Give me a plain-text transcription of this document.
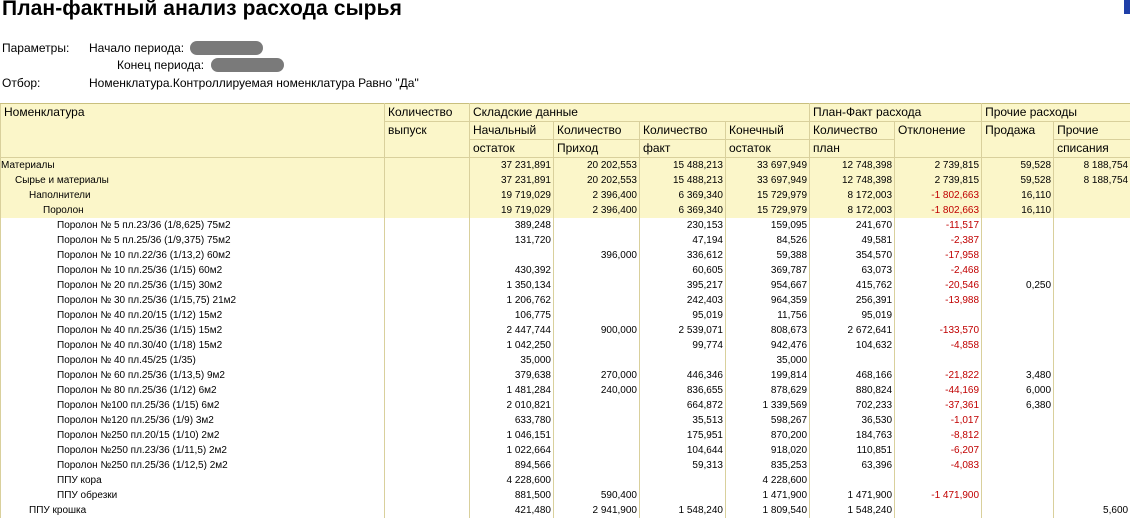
План-фактный анализ расхода сырья
Параметры: Начало периода:
Конец периода:
Отбор:	Номенклатура.Контроллируемая номенклатура Равно "Да"
Номенклатура	Количество	Складские данные				План-Факт расхода		Прочие расходы	
	выпуск	Начальный	Количество	Количество	Конечный	Количество	Отклонение	Продажа	Прочие
		остаток	Приход	факт	остаток	план			списания
Материалы		37 231,891	20 202,553	15 488,213	33 697,949	12 748,398	2 739,815	59,528	8 188,754
Сырье и материалы		37 231,891	20 202,553	15 488,213	33 697,949	12 748,398	2 739,815	59,528	8 188,754
Наполнители		19 719,029	2 396,400	6 369,340	15 729,979	8 172,003	-1 802,663	16,110	
Поролон		19 719,029	2 396,400	6 369,340	15 729,979	8 172,003	-1 802,663	16,110	
Поролон № 5 пл.23/36 (1/8,625) 75м2		389,248		230,153	159,095	241,670	-11,517		
Поролон № 5 пл.25/36 (1/9,375) 75м2		131,720		47,194	84,526	49,581	-2,387		
Поролон № 10 пл.22/36 (1/13,2) 60м2			396,000	336,612	59,388	354,570	-17,958		
Поролон № 10 пл.25/36 (1/15) 60м2		430,392		60,605	369,787	63,073	-2,468		
Поролон № 20 пл.25/36 (1/15) 30м2		1 350,134		395,217	954,667	415,762	-20,546	0,250	
Поролон № 30 пл.25/36 (1/15,75) 21м2		1 206,762		242,403	964,359	256,391	-13,988		
Поролон № 40 пл.20/15 (1/12) 15м2		106,775		95,019	11,756	95,019			
Поролон № 40 пл.25/36 (1/15) 15м2		2 447,744	900,000	2 539,071	808,673	2 672,641	-133,570		
Поролон № 40 пл.30/40 (1/18) 15м2		1 042,250		99,774	942,476	104,632	-4,858		
Поролон № 40 пл.45/25 (1/35)		35,000			35,000				
Поролон № 60 пл.25/36 (1/13,5) 9м2		379,638	270,000	446,346	199,814	468,166	-21,822	3,480	
Поролон № 80 пл.25/36 (1/12) 6м2		1 481,284	240,000	836,655	878,629	880,824	-44,169	6,000	
Поролон №100 пл.25/36 (1/15) 6м2		2 010,821		664,872	1 339,569	702,233	-37,361	6,380	
Поролон №120 пл.25/36 (1/9) 3м2		633,780		35,513	598,267	36,530	-1,017		
Поролон №250 пл.20/15 (1/10) 2м2		1 046,151		175,951	870,200	184,763	-8,812		
Поролон №250 пл.23/36 (1/11,5) 2м2		1 022,664		104,644	918,020	110,851	-6,207		
Поролон №250 пл.25/36 (1/12,5) 2м2		894,566		59,313	835,253	63,396	-4,083		
ППУ кора		4 228,600			4 228,600				
ППУ обрезки		881,500	590,400		1 471,900	1 471,900	-1 471,900		
ППУ крошка		421,480	2 941,900	1 548,240	1 809,540	1 548,240			5,600
